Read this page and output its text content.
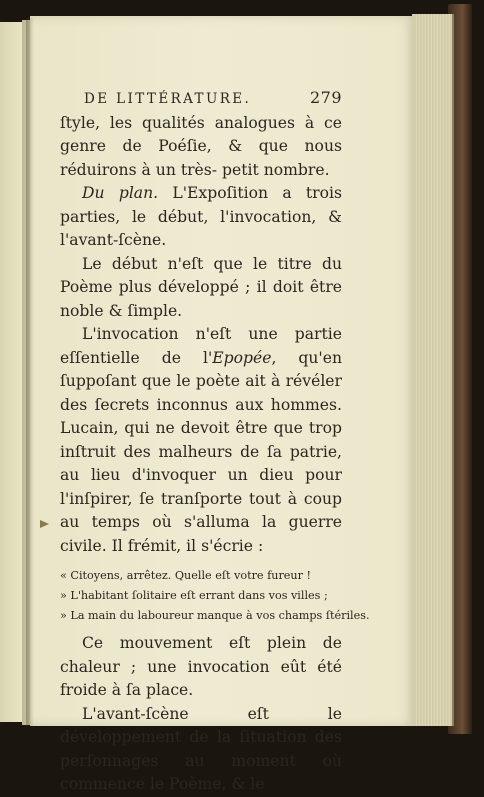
DE LITTÉRATURE.	279

ſtyle, les qualités analogues à ce genre de Poéſie, & que nous réduirons à un très- petit nombre.

Du plan. L'Expoſition a trois parties, le début, l'invocation, & l'avant-ſcène.

Le début n'eſt que le titre du Poème plus développé ; il doit être noble & ſimple.

L'invocation n'eſt une partie eſſentielle de l'Epopée, qu'en ſuppoſant que le poète ait à révéler des ſecrets inconnus aux hommes. Lucain, qui ne devoit être que trop inſtruit des malheurs de ſa patrie, au lieu d'invoquer un dieu pour l'inſpirer, ſe tranſporte tout à coup au temps où s'alluma la guerre civile. Il frémit, il s'écrie :

« Citoyens, arrêtez. Quelle eſt votre fureur !
» L'habitant ſolitaire eſt errant dans vos villes ;
» La main du laboureur manque à vos champs ſtériles.

Ce mouvement eſt plein de chaleur ; une invocation eût été froide à ſa place.

L'avant-ſcène eſt le développement de la ſituation des perſonnages au moment où commence le Poème, & le
